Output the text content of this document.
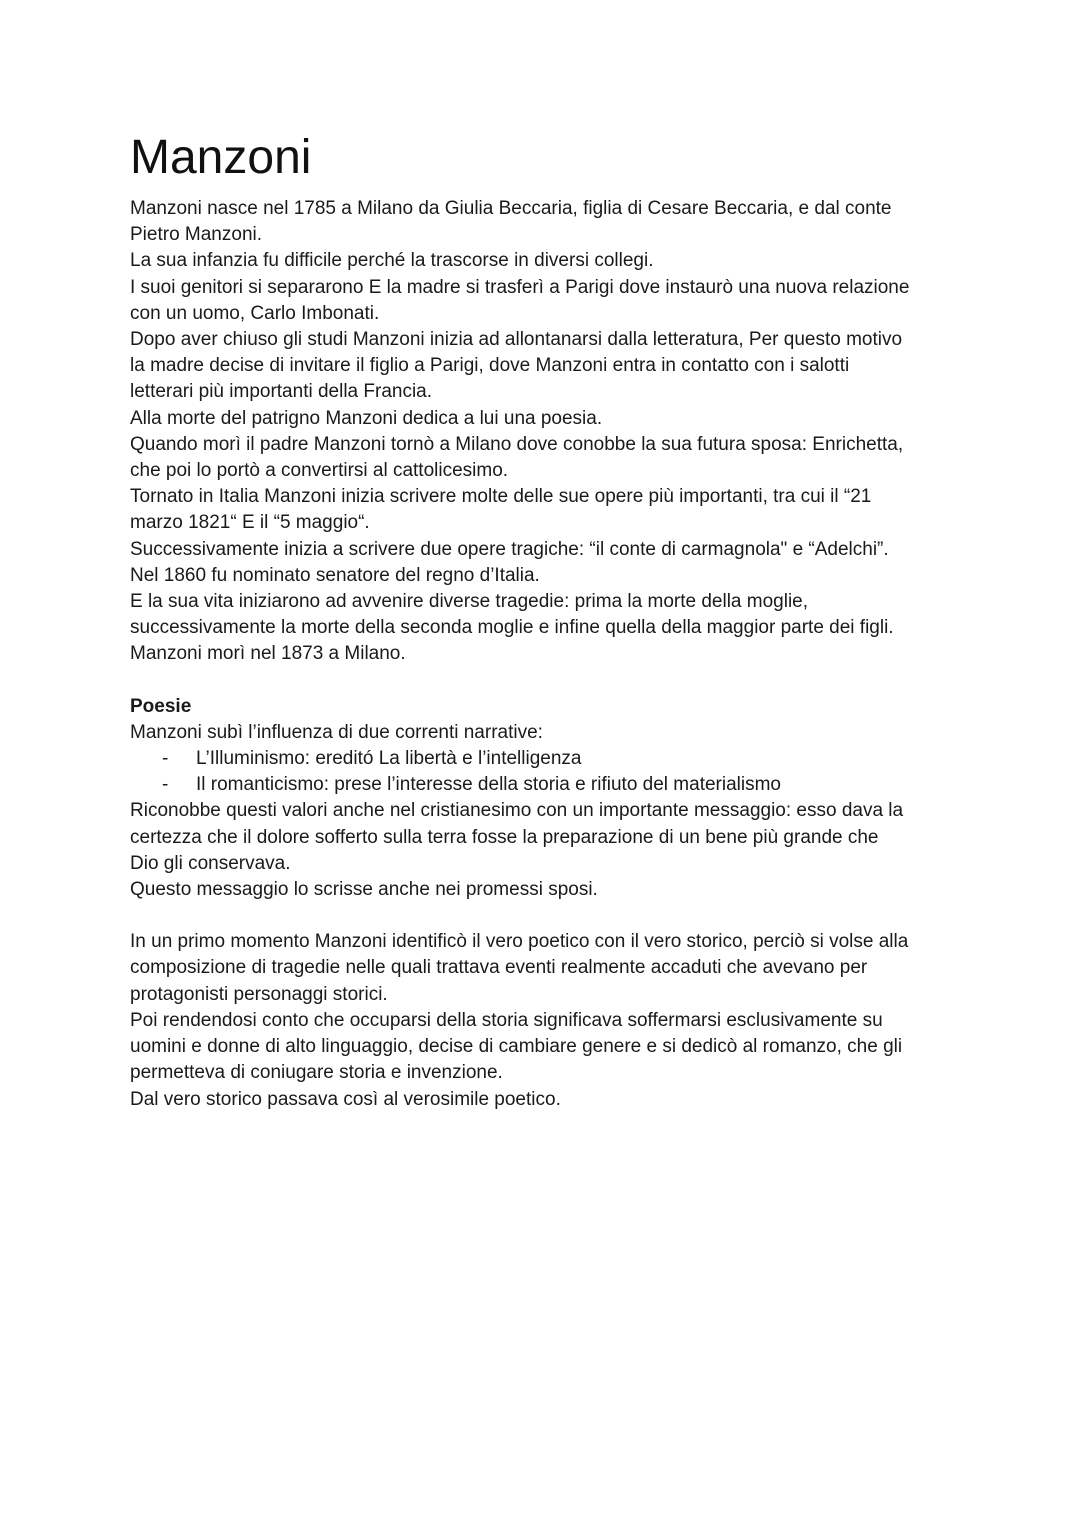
Manzoni

Manzoni nasce nel 1785 a Milano da Giulia Beccaria, figlia di Cesare Beccaria, e dal conte

Pietro Manzoni.

La sua infanzia fu difficile perché la trascorse in diversi collegi.

I suoi genitori si separarono E la madre si trasferì a Parigi dove instaurò una nuova relazione

con un uomo, Carlo Imbonati.

Dopo aver chiuso gli studi Manzoni inizia ad allontanarsi dalla letteratura, Per questo motivo

la madre decise di invitare il figlio a Parigi, dove Manzoni entra in contatto con i salotti

letterari più importanti della Francia.

Alla morte del patrigno Manzoni dedica a lui una poesia.

Quando morì il padre Manzoni tornò a Milano dove conobbe la sua futura sposa: Enrichetta,

che poi lo portò a convertirsi al cattolicesimo.

Tornato in Italia Manzoni inizia scrivere molte delle sue opere più importanti, tra cui il “21

marzo 1821“ E il “5 maggio“.

Successivamente inizia a scrivere due opere tragiche: “il conte di carmagnola" e “Adelchi”.

Nel 1860 fu nominato senatore del regno d’Italia.

E la sua vita iniziarono ad avvenire diverse tragedie: prima la morte della moglie,

successivamente la morte della seconda moglie e infine quella della maggior parte dei figli.

Manzoni morì nel 1873 a Milano.

Poesie

Manzoni subì l’influenza di due correnti narrative:

- L’Illuminismo: ereditó La libertà e l’intelligenza
- Il romanticismo: prese l’interesse della storia e rifiuto del materialismo

Riconobbe questi valori anche nel cristianesimo con un importante messaggio: esso dava la

certezza che il dolore sofferto sulla terra fosse la preparazione di un bene più grande che

Dio gli conservava.

Questo messaggio lo scrisse anche nei promessi sposi.

In un primo momento Manzoni identificò il vero poetico con il vero storico, perciò si volse alla

composizione di tragedie nelle quali trattava eventi realmente accaduti che avevano per

protagonisti personaggi storici.

Poi rendendosi conto che occuparsi della storia significava soffermarsi esclusivamente su

uomini e donne di alto linguaggio, decise di cambiare genere e si dedicò al romanzo, che gli

permetteva di coniugare storia e invenzione.

Dal vero storico passava così al verosimile poetico.
